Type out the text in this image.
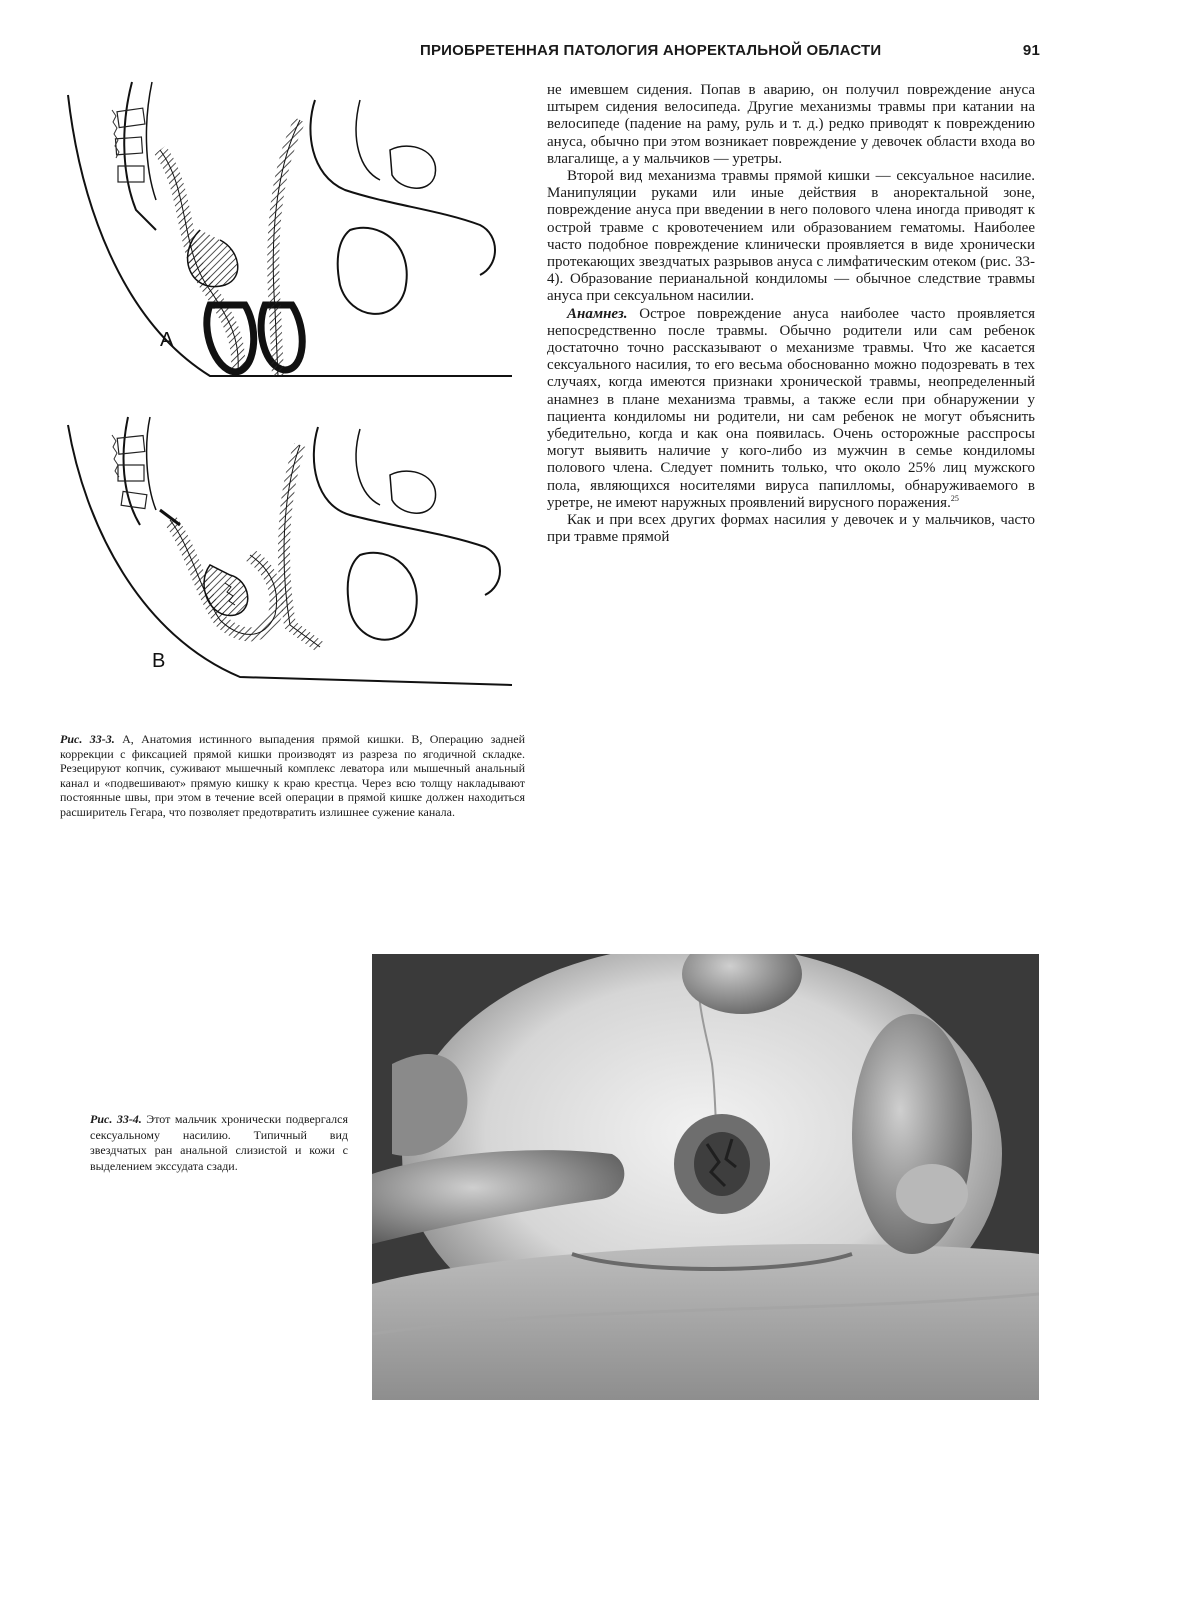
ПРИОБРЕТЕННАЯ ПАТОЛОГИЯ АНОРЕКТАЛЬНОЙ ОБЛАСТИ	91
A
B
Рис. 33-3. А, Анатомия истинного выпадения прямой кишки. В, Операцию задней коррекции с фиксацией прямой кишки производят из разреза по ягодичной складке. Резецируют копчик, суживают мышечный комплекс леватора или мышечный анальный канал и «подвешивают» прямую кишку к краю крестца. Через всю толщу накладывают постоянные швы, при этом в течение всей операции в прямой кишке должен находиться расширитель Гегара, что позволяет предотвратить излишнее сужение канала.

не имевшем сидения. Попав в аварию, он получил повреждение ануса штырем сидения велосипеда. Другие механизмы травмы при катании на велосипеде (падение на раму, руль и т. д.) редко приводят к повреждению ануса, обычно при этом возникает повреждение у девочек области входа во влагалище, а у мальчиков — уретры.

Второй вид механизма травмы прямой кишки — сексуальное насилие. Манипуляции руками или иные действия в аноректальной зоне, повреждение ануса при введении в него полового члена иногда приводят к острой травме с кровотечением или образованием гематомы. Наиболее часто подобное повреждение клинически проявляется в виде хронически протекающих звездчатых разрывов ануса с лимфатическим отеком (рис. 33-4). Образование перианальной кондиломы — обычное следствие травмы ануса при сексуальном насилии.

Анамнез. Острое повреждение ануса наиболее часто проявляется непосредственно после травмы. Обычно родители или сам ребенок достаточно точно рассказывают о механизме травмы. Что же касается сексуального насилия, то его весьма обоснованно можно подозревать в тех случаях, когда имеются признаки хронической травмы, неопределенный анамнез в плане механизма травмы, а также если при обнаружении у пациента кондиломы ни родители, ни сам ребенок не могут объяснить убедительно, когда и как она появилась. Очень осторожные расспросы могут выявить наличие у кого-либо из мужчин в семье кондиломы полового члена. Следует помнить только, что около 25% лиц мужского пола, являющихся носителями вируса папилломы, обнаруживаемого в уретре, не имеют наружных проявлений вирусного поражения.$^{25}$

Как и при всех других формах насилия у девочек и у мальчиков, часто при травме прямой

Рис. 33-4. Этот мальчик хронически подвергался сексуальному насилию. Типичный вид звездчатых ран анальной слизистой и кожи с выделением экссудата сзади.
